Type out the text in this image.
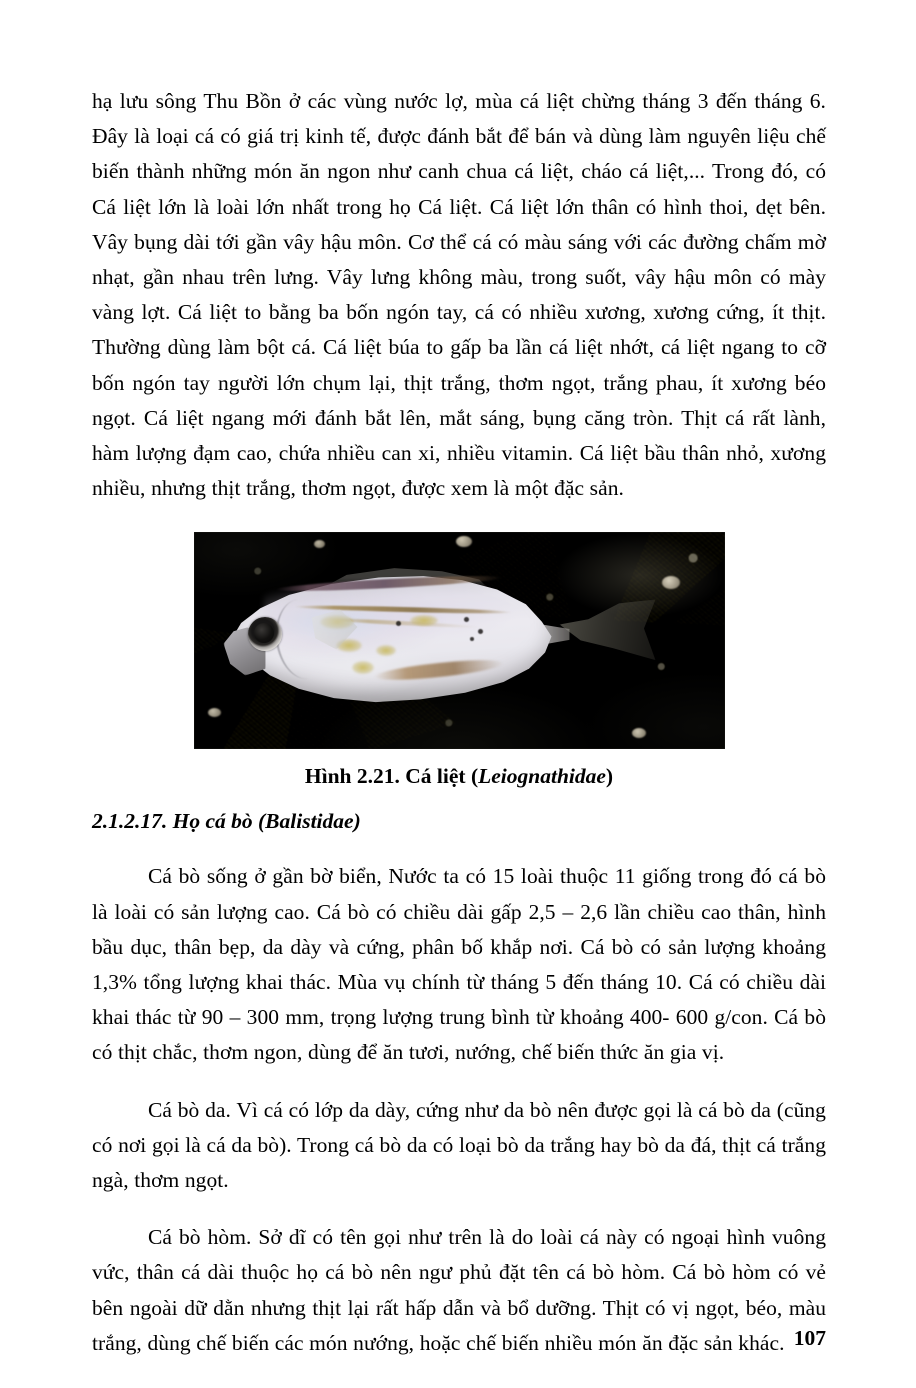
hạ lưu sông Thu Bồn ở các vùng nước lợ, mùa cá liệt chừng tháng 3 đến tháng 6. Đây là loại cá có giá trị kinh tế, được đánh bắt để bán và dùng làm nguyên liệu chế biến thành những món ăn ngon như canh chua cá liệt, cháo cá liệt,... Trong đó, có Cá liệt lớn là loài lớn nhất trong họ Cá liệt. Cá liệt lớn thân có hình thoi, dẹt bên. Vây bụng dài tới gần vây hậu môn. Cơ thể cá có màu sáng với các đường chấm mờ nhạt, gần nhau trên lưng. Vây lưng không màu, trong suốt, vây hậu môn có mày vàng lợt. Cá liệt to bằng ba bốn ngón tay, cá có nhiều xương, xương cứng, ít thịt. Thường dùng làm bột cá. Cá liệt búa to gấp ba lần cá liệt nhớt, cá liệt ngang to cỡ bốn ngón tay người lớn chụm lại, thịt trắng, thơm ngọt, trắng phau, ít xương béo ngọt. Cá liệt ngang mới đánh bắt lên, mắt sáng, bụng căng tròn. Thịt cá rất lành, hàm lượng đạm cao, chứa nhiều can xi, nhiều vitamin. Cá liệt bầu thân nhỏ, xương nhiều, nhưng thịt trắng, thơm ngọt, được xem là một đặc sản.

Hình 2.21. Cá liệt (Leiognathidae)
2.1.2.17. Họ cá bò (Balistidae)

Cá bò sống ở gần bờ biển, Nước ta có 15 loài thuộc 11 giống trong đó cá bò là loài có sản lượng cao. Cá bò có chiều dài gấp 2,5 – 2,6 lần chiều cao thân, hình bầu dục, thân bẹp, da dày và cứng, phân bố khắp nơi. Cá bò có sản lượng khoảng 1,3% tổng lượng khai thác. Mùa vụ chính từ tháng 5 đến tháng 10. Cá có chiều dài khai thác từ 90 – 300 mm, trọng lượng trung bình từ khoảng 400- 600 g/con. Cá bò có thịt chắc, thơm ngon, dùng để ăn tươi, nướng, chế biến thức ăn gia vị.

Cá bò da. Vì cá có lớp da dày, cứng như da bò nên được gọi là cá bò da (cũng có nơi gọi là cá da bò). Trong cá bò da có loại bò da trắng hay bò da đá, thịt cá trắng ngà, thơm ngọt.

Cá bò hòm. Sở dĩ có tên gọi như trên là do loài cá này có ngoại hình vuông vức, thân cá dài thuộc họ cá bò nên ngư phủ đặt tên cá bò hòm. Cá bò hòm có vẻ bên ngoài dữ dằn nhưng thịt lại rất hấp dẫn và bổ dưỡng. Thịt có vị ngọt, béo, màu trắng, dùng chế biến các món nướng, hoặc chế biến nhiều món ăn đặc sản khác. 107
